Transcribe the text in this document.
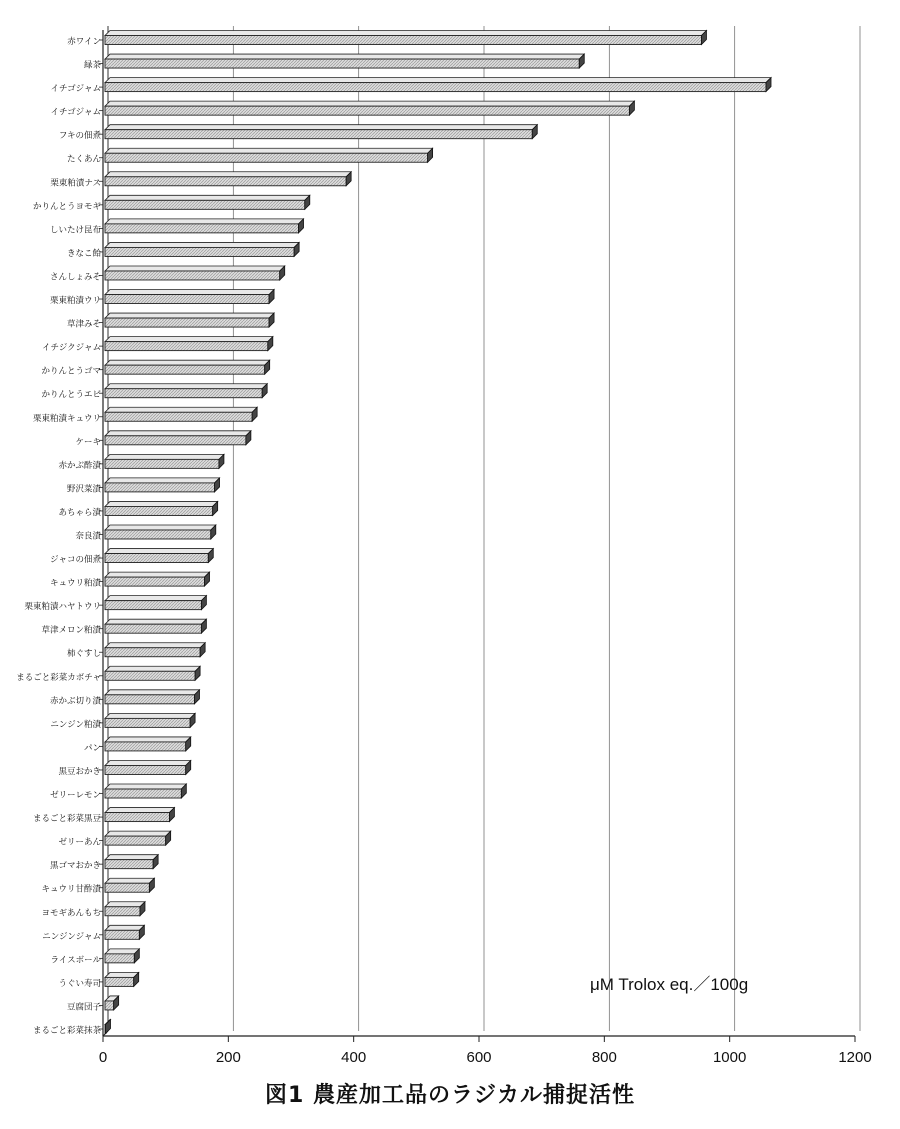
赤ワイン
緑茶
イチゴジャム
イチゴジャム
フキの佃煮
たくあん
栗東粕漬ナス
かりんとうヨモギ
しいたけ昆布
きなこ飴
さんしょみそ
栗東粕漬ウリ
草津みそ
イチジクジャム
かりんとうゴマ
かりんとうエビ
栗東粕漬キュウリ
ケーキ
赤かぶ酢漬
野沢菜漬
あちゃら漬
奈良漬
ジャコの佃煮
キュウリ粕漬
栗東粕漬ハヤトウリ
草津メロン粕漬
柿ぐすし
まるごと彩菜カボチャ
赤かぶ切り漬
ニンジン粕漬
パン
黒豆おかき
ゼリーレモン
まるごと彩菜黒豆
ゼリーあん
黒ゴマおかき
キュウリ甘酢漬
ヨモギあんもち
ニンジンジャム
ライスボール
うぐい寿司
豆腐団子
まるごと彩菜抹茶
0	200	400	600	800	1000	1200
μM Trolox eq.／100g
図1 農産加工品のラジカル捕捉活性
